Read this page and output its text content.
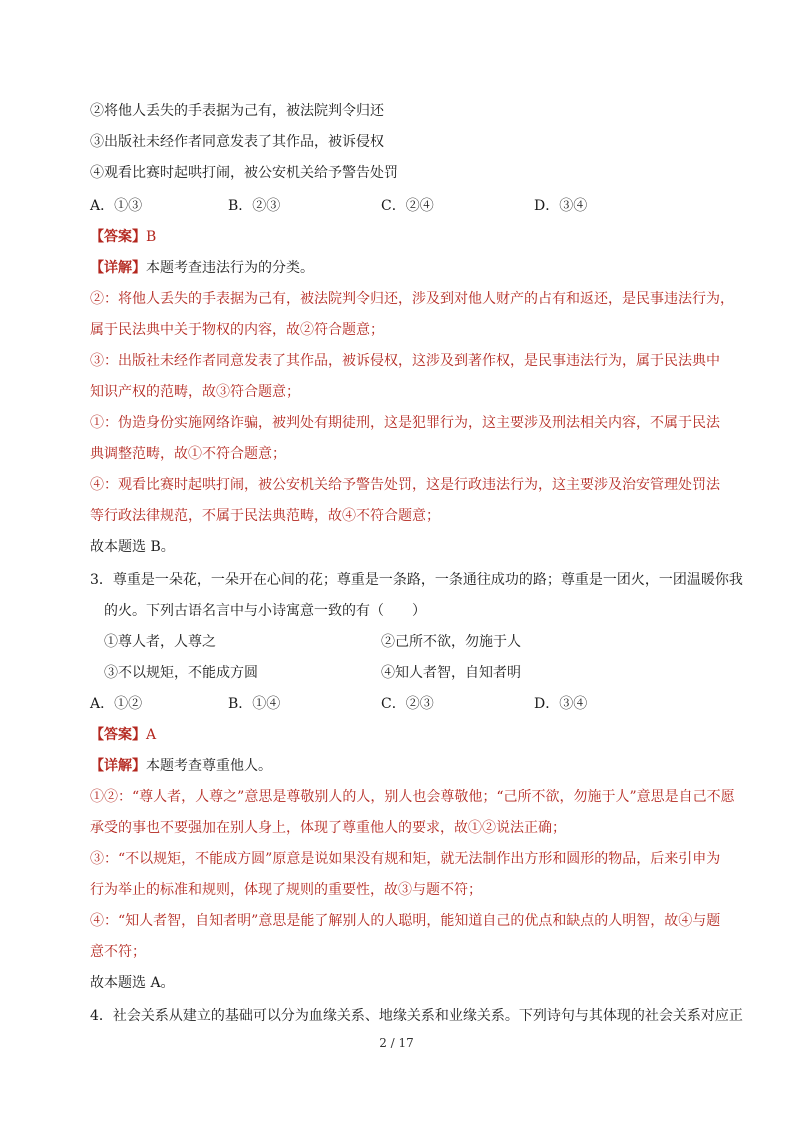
②将他人丢失的手表据为己有，被法院判令归还
③出版社未经作者同意发表了其作品，被诉侵权
④观看比赛时起哄打闹，被公安机关给予警告处罚
A．①③	B．②③	C．②④	D．③④
【答案】B
【详解】本题考查违法行为的分类。
②：将他人丢失的手表据为己有，被法院判令归还，涉及到对他人财产的占有和返还，是民事违法行为，
属于民法典中关于物权的内容，故②符合题意；
③：出版社未经作者同意发表了其作品，被诉侵权，这涉及到著作权，是民事违法行为，属于民法典中
知识产权的范畴，故③符合题意；
①：伪造身份实施网络诈骗，被判处有期徒刑，这是犯罪行为，这主要涉及刑法相关内容，不属于民法
典调整范畴，故①不符合题意；
④：观看比赛时起哄打闹，被公安机关给予警告处罚，这是行政违法行为，这主要涉及治安管理处罚法
等行政法律规范，不属于民法典范畴，故④不符合题意；
故本题选 B。
3．尊重是一朵花，一朵开在心间的花；尊重是一条路，一条通往成功的路；尊重是一团火，一团温暖你我
的火。下列古语名言中与小诗寓意一致的有（　　）
①尊人者，人尊之	②己所不欲，勿施于人
③不以规矩，不能成方圆	④知人者智，自知者明
A．①②	B．①④	C．②③	D．③④
【答案】A
【详解】本题考查尊重他人。
①②：“尊人者，人尊之”意思是尊敬别人的人，别人也会尊敬他；“己所不欲，勿施于人”意思是自己不愿
承受的事也不要强加在别人身上，体现了尊重他人的要求，故①②说法正确；
③：“不以规矩，不能成方圆”原意是说如果没有规和矩，就无法制作出方形和圆形的物品，后来引申为
行为举止的标准和规则，体现了规则的重要性，故③与题不符；
④：“知人者智，自知者明”意思是能了解别人的人聪明，能知道自己的优点和缺点的人明智，故④与题
意不符；
故本题选 A。
4．社会关系从建立的基础可以分为血缘关系、地缘关系和业缘关系。下列诗句与其体现的社会关系对应正
2 / 17
